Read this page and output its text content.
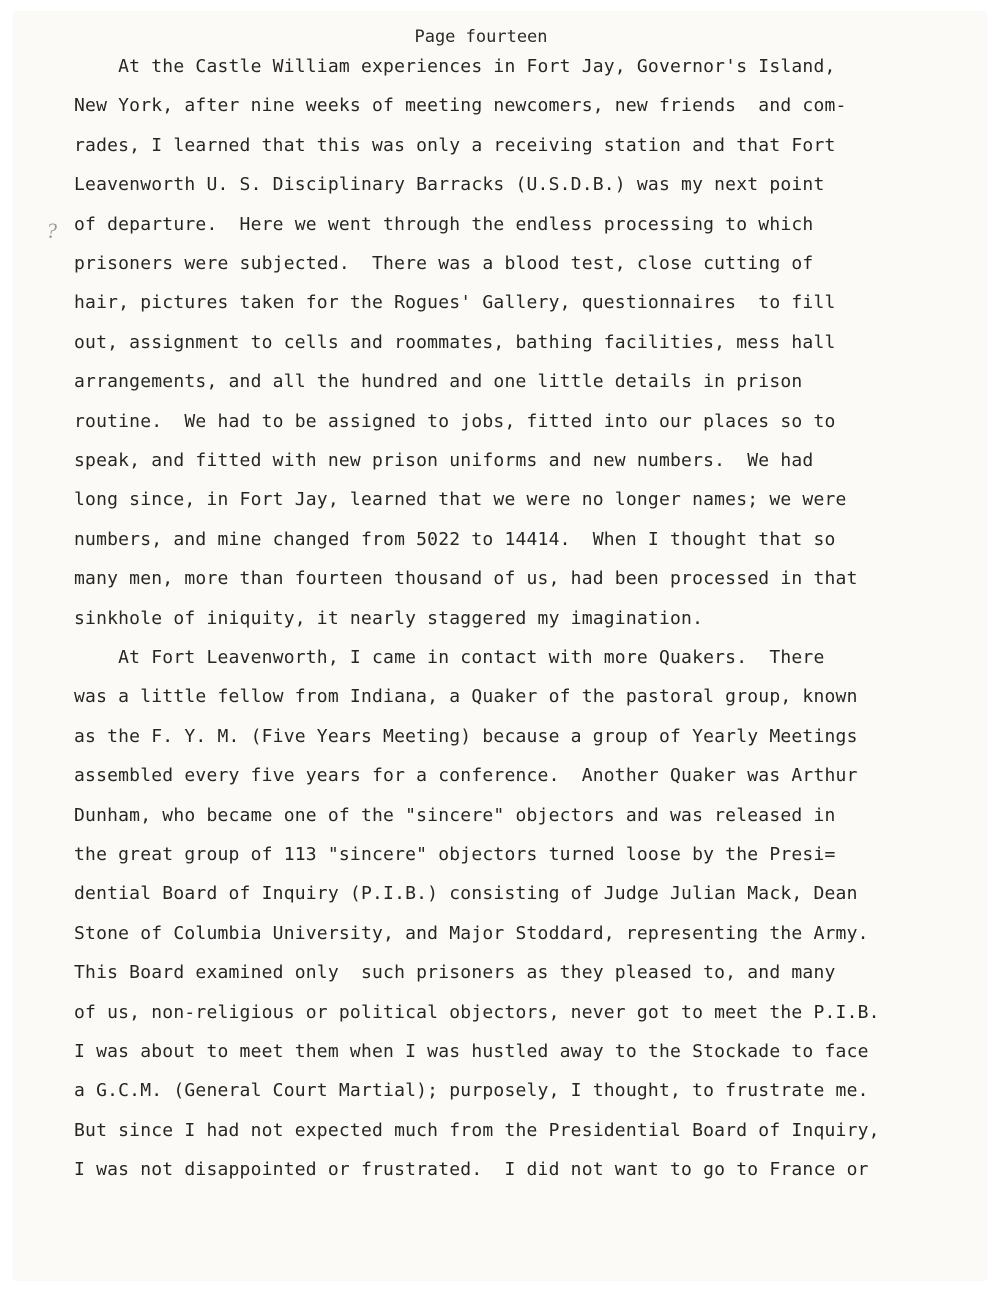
Page fourteen
?
At the Castle William experiences in Fort Jay, Governor's Island,
New York, after nine weeks of meeting newcomers, new friends  and com-
rades, I learned that this was only a receiving station and that Fort
Leavenworth U. S. Disciplinary Barracks (U.S.D.B.) was my next point
of departure.  Here we went through the endless processing to which
prisoners were subjected.  There was a blood test, close cutting of
hair, pictures taken for the Rogues' Gallery, questionnaires  to fill
out, assignment to cells and roommates, bathing facilities, mess hall
arrangements, and all the hundred and one little details in prison
routine.  We had to be assigned to jobs, fitted into our places so to
speak, and fitted with new prison uniforms and new numbers.  We had
long since, in Fort Jay, learned that we were no longer names; we were
numbers, and mine changed from 5022 to 14414.  When I thought that so
many men, more than fourteen thousand of us, had been processed in that
sinkhole of iniquity, it nearly staggered my imagination.
At Fort Leavenworth, I came in contact with more Quakers.  There
was a little fellow from Indiana, a Quaker of the pastoral group, known
as the F. Y. M. (Five Years Meeting) because a group of Yearly Meetings
assembled every five years for a conference.  Another Quaker was Arthur
Dunham, who became one of the "sincere" objectors and was released in
the great group of 113 "sincere" objectors turned loose by the Presi=
dential Board of Inquiry (P.I.B.) consisting of Judge Julian Mack, Dean
Stone of Columbia University, and Major Stoddard, representing the Army.
This Board examined only  such prisoners as they pleased to, and many
of us, non-religious or political objectors, never got to meet the P.I.B.
I was about to meet them when I was hustled away to the Stockade to face
a G.C.M. (General Court Martial); purposely, I thought, to frustrate me.
But since I had not expected much from the Presidential Board of Inquiry,
I was not disappointed or frustrated.  I did not want to go to France or
